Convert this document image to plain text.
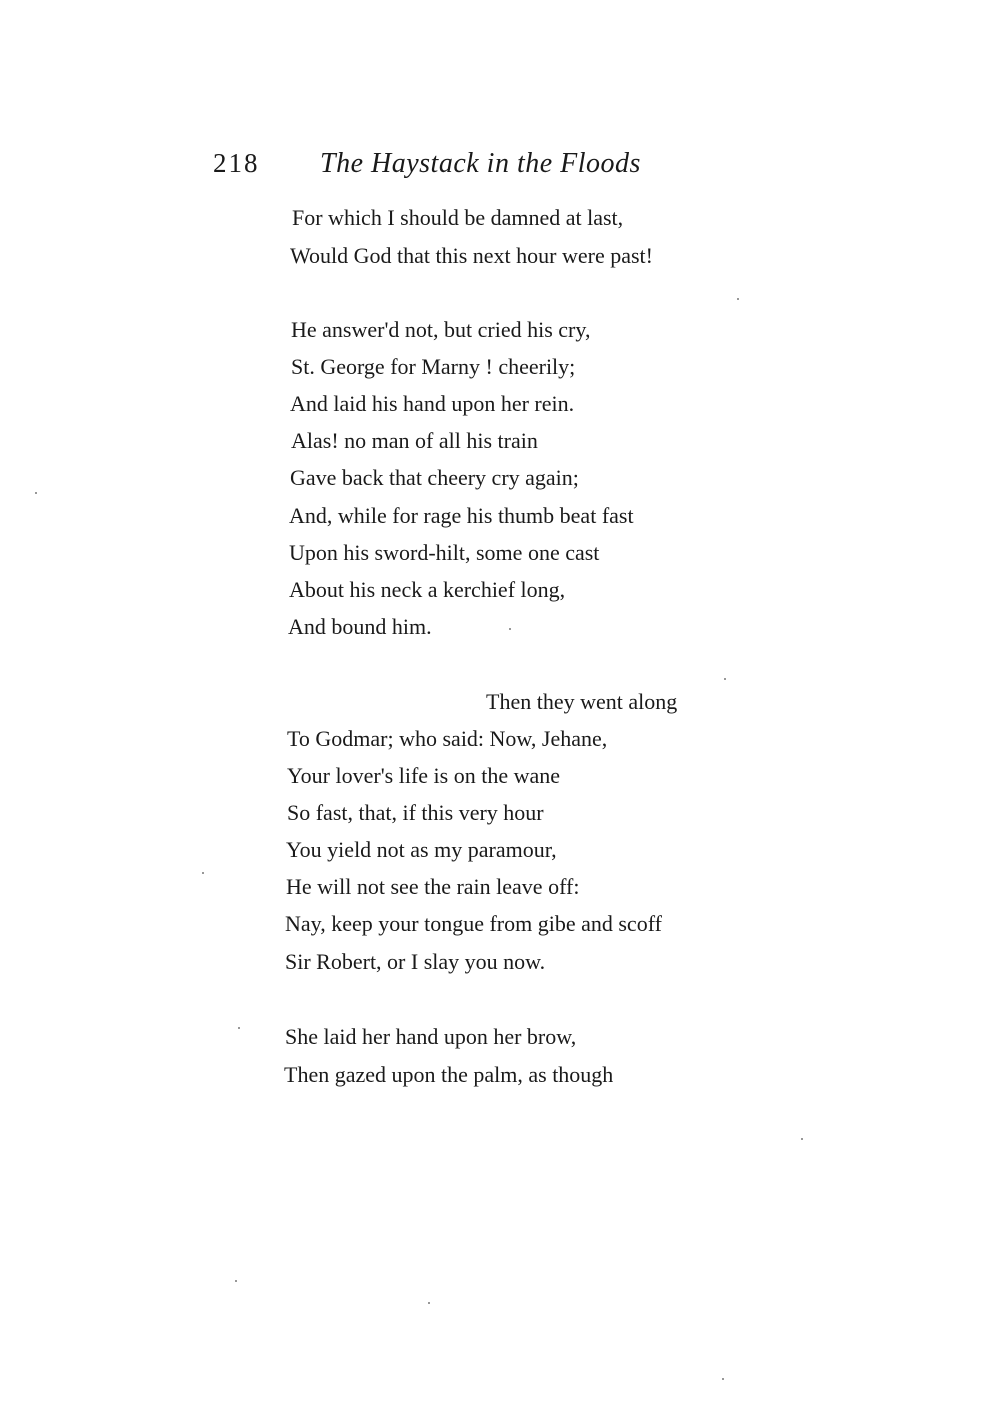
218 The Haystack in the Floods
For which I should be damned at last,
Would God that this next hour were past!
He answer'd not, but cried his cry,
St. George for Marny ! cheerily;
And laid his hand upon her rein.
Alas! no man of all his train
Gave back that cheery cry again;
And, while for rage his thumb beat fast
Upon his sword-hilt, some one cast
About his neck a kerchief long,
And bound him.
Then they went along
To Godmar; who said: Now, Jehane,
Your lover's life is on the wane
So fast, that, if this very hour
You yield not as my paramour,
He will not see the rain leave off:
Nay, keep your tongue from gibe and scoff
Sir Robert, or I slay you now.
She laid her hand upon her brow,
Then gazed upon the palm, as though
